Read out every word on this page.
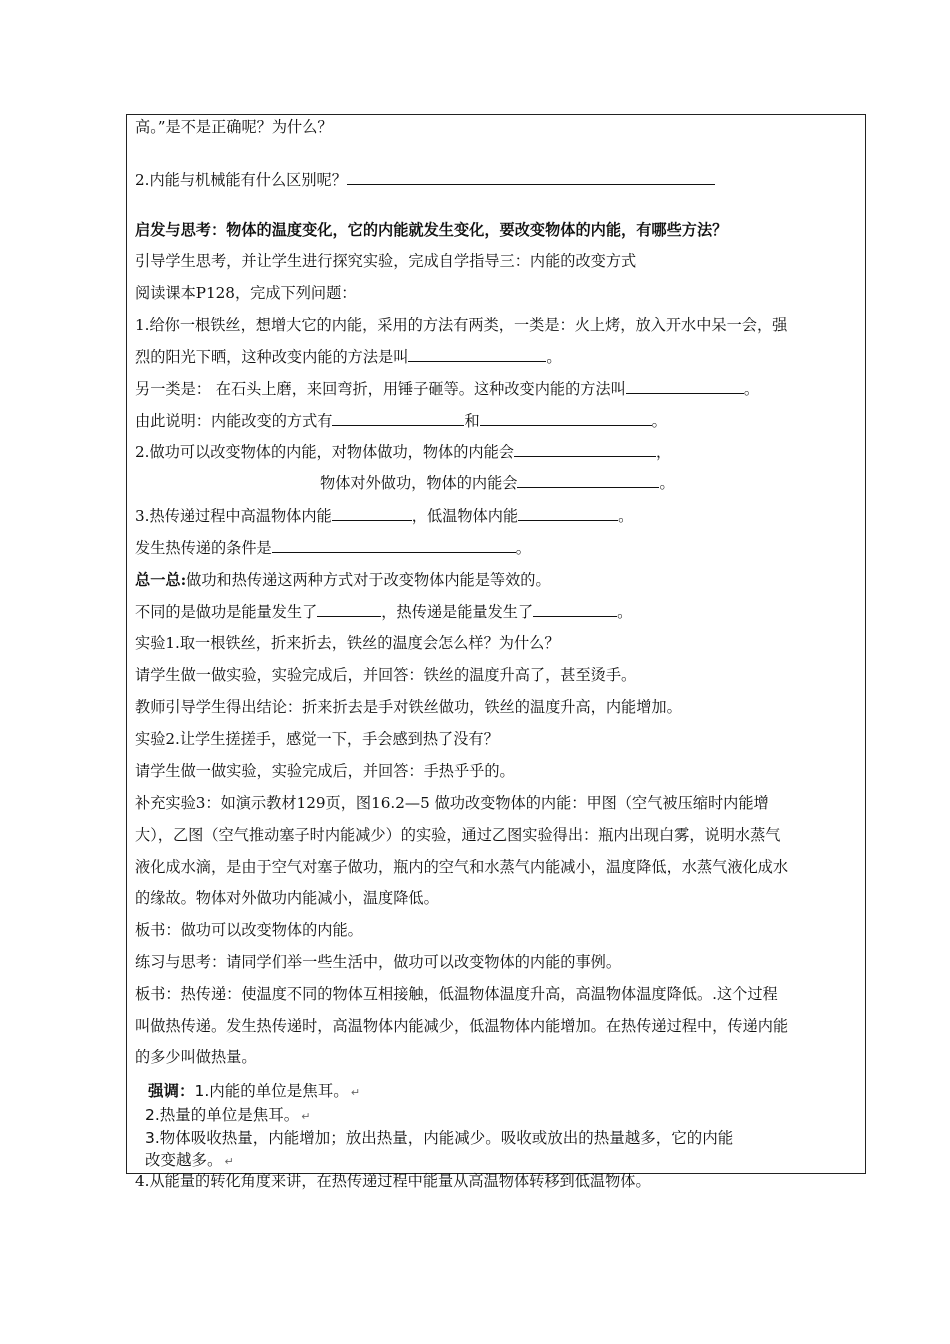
高。”是不是正确呢？为什么？
2.内能与机械能有什么区别呢？
启发与思考：物体的温度变化，它的内能就发生变化，要改变物体的内能，有哪些方法？
引导学生思考，并让学生进行探究实验，完成自学指导三：内能的改变方式
阅读课本P128，完成下列问题：
1.给你一根铁丝，想增大它的内能，采用的方法有两类，一类是：火上烤，放入开水中呆一会，强
烈的阳光下晒，这种改变内能的方法是叫	。
另一类是： 在石头上磨，来回弯折，用锤子砸等。这种改变内能的方法叫	。
由此说明：内能改变的方式有	和	。
2.做功可以改变物体的内能，对物体做功，物体的内能会	，
物体对外做功，物体的内能会	。
3.热传递过程中高温物体内能	，低温物体内能	。
发生热传递的条件是	。
总一总:做功和热传递这两种方式对于改变物体内能是等效的。
不同的是做功是能量发生了	，热传递是能量发生了	。
实验1.取一根铁丝，折来折去，铁丝的温度会怎么样？为什么？
请学生做一做实验，实验完成后，并回答：铁丝的温度升高了，甚至烫手。
教师引导学生得出结论：折来折去是手对铁丝做功，铁丝的温度升高，内能增加。
实验2.让学生搓搓手，感觉一下，手会感到热了没有？
请学生做一做实验，实验完成后，并回答：手热乎乎的。
补充实验3：如演示教材129页，图16.2—5 做功改变物体的内能：甲图（空气被压缩时内能增
大），乙图（空气推动塞子时内能减少）的实验，通过乙图实验得出：瓶内出现白雾，说明水蒸气
液化成水滴，是由于空气对塞子做功，瓶内的空气和水蒸气内能减小，温度降低，水蒸气液化成水
的缘故。物体对外做功内能减小，温度降低。
板书：做功可以改变物体的内能。
练习与思考：请同学们举一些生活中，做功可以改变物体的内能的事例。
板书：热传递：使温度不同的物体互相接触，低温物体温度升高，高温物体温度降低。.这个过程
叫做热传递。发生热传递时，高温物体内能减少，低温物体内能增加。在热传递过程中，传递内能
的多少叫做热量。
强调：1.内能的单位是焦耳。 ↵
2.热量的单位是焦耳。 ↵
3.物体吸收热量，内能增加；放出热量，内能减少。吸收或放出的热量越多，它的内能
改变越多。 ↵
4.从能量的转化角度来讲，在热传递过程中能量从高温物体转移到低温物体。
